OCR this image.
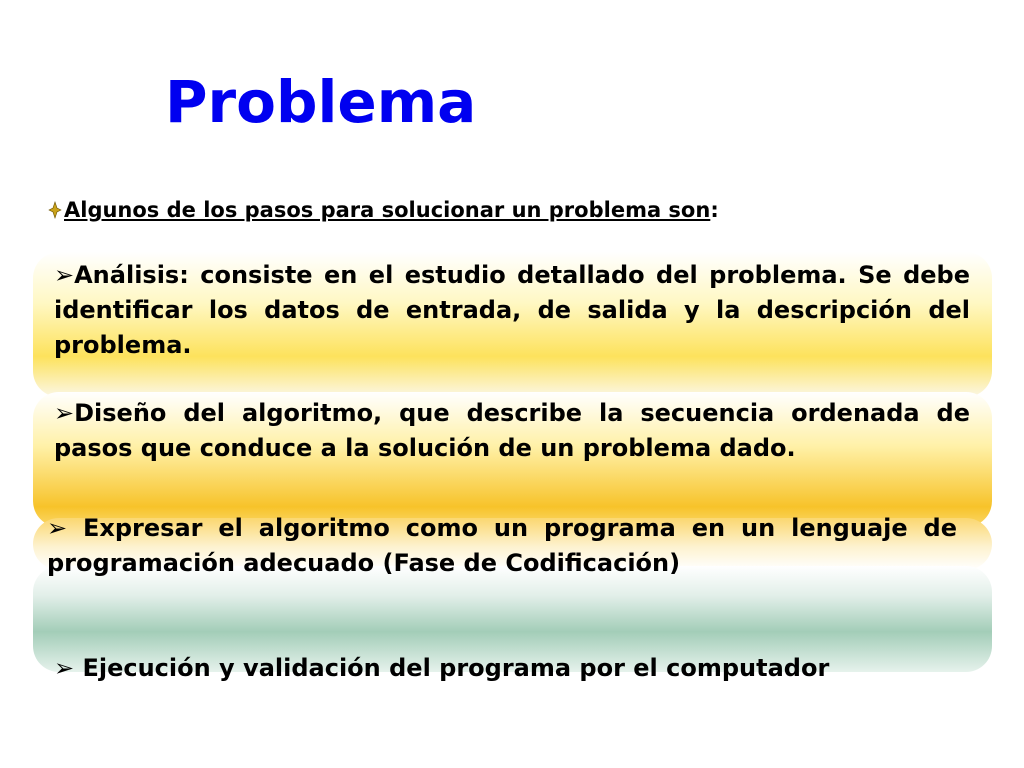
Problema
Algunos de los pasos para solucionar un problema son:

➢Análisis: consiste en el estudio detallado del problema. Se debe identificar los datos de entrada, de salida y la descripción del problema.

➢Diseño del algoritmo, que describe la secuencia ordenada de pasos que conduce a la solución de un problema dado.

➢ Expresar el algoritmo como un programa en un lenguaje de programación adecuado (Fase de Codificación)

➢ Ejecución y validación del programa por el computador
